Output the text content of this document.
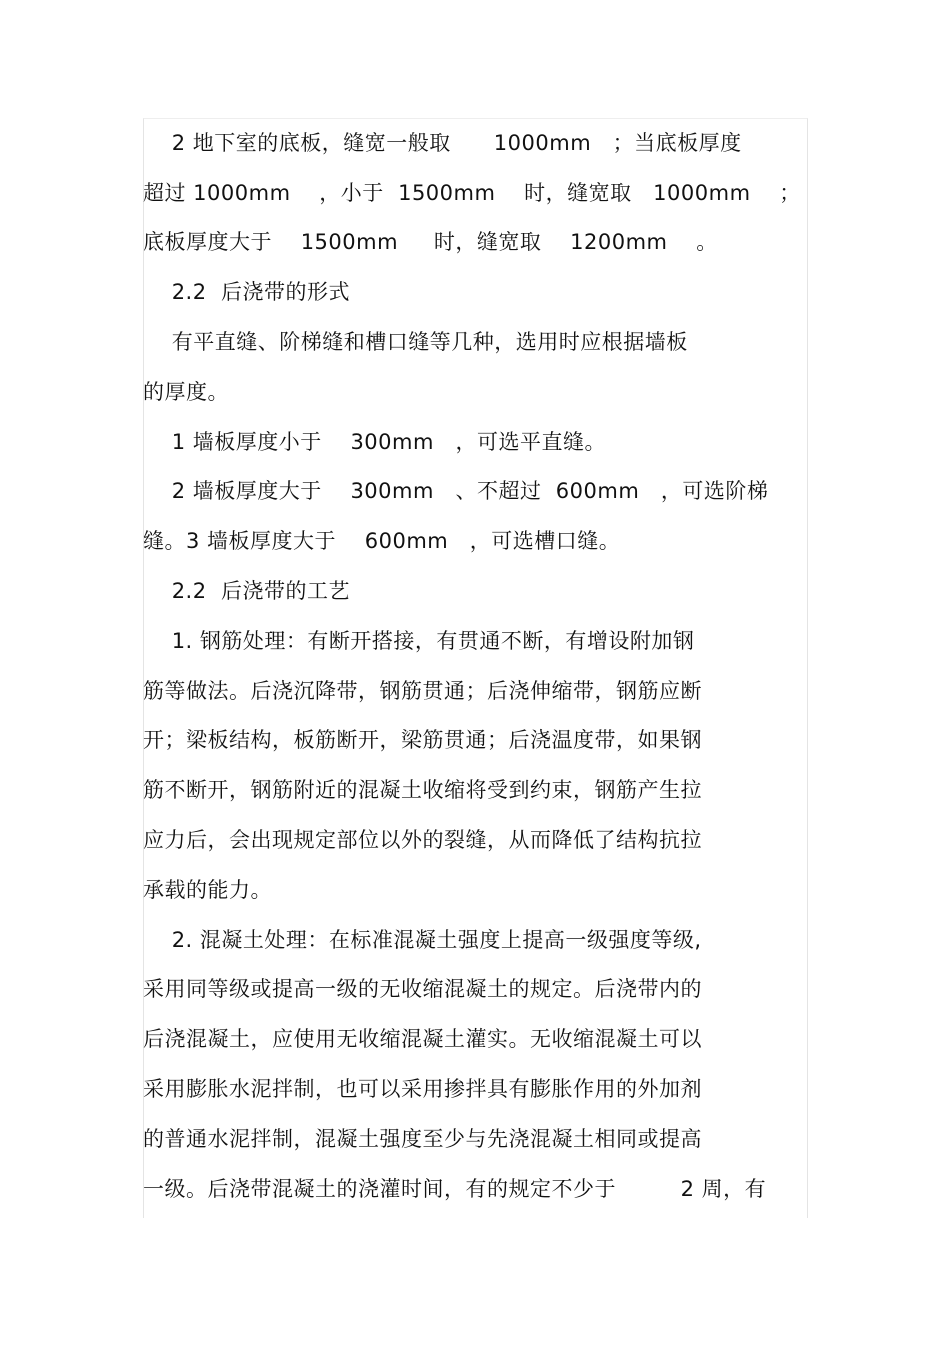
2 地下室的底板，缝宽一般取      1000mm   ；当底板厚度
超过 1000mm    ，小于  1500mm    时，缝宽取   1000mm    ；
底板厚度大于    1500mm     时，缝宽取    1200mm    。
2.2  后浇带的形式
有平直缝、阶梯缝和槽口缝等几种，选用时应根据墙板
的厚度。
1 墙板厚度小于    300mm   ，可选平直缝。
2 墙板厚度大于    300mm   、不超过  600mm   ，可选阶梯
缝。3 墙板厚度大于    600mm   ，可选槽口缝。
2.2  后浇带的工艺
1. 钢筋处理：有断开搭接，有贯通不断，有增设附加钢
筋等做法。后浇沉降带，钢筋贯通；后浇伸缩带，钢筋应断
开；梁板结构，板筋断开，梁筋贯通；后浇温度带，如果钢
筋不断开，钢筋附近的混凝土收缩将受到约束，钢筋产生拉
应力后，会出现规定部位以外的裂缝，从而降低了结构抗拉
承载的能力。
2. 混凝土处理：在标准混凝土强度上提高一级强度等级,
采用同等级或提高一级的无收缩混凝土的规定。后浇带内的
后浇混凝土，应使用无收缩混凝土灌实。无收缩混凝土可以
采用膨胀水泥拌制，也可以采用掺拌具有膨胀作用的外加剂
的普通水泥拌制，混凝土强度至少与先浇混凝土相同或提高
一级。后浇带混凝土的浇灌时间，有的规定不少于         2 周，有
